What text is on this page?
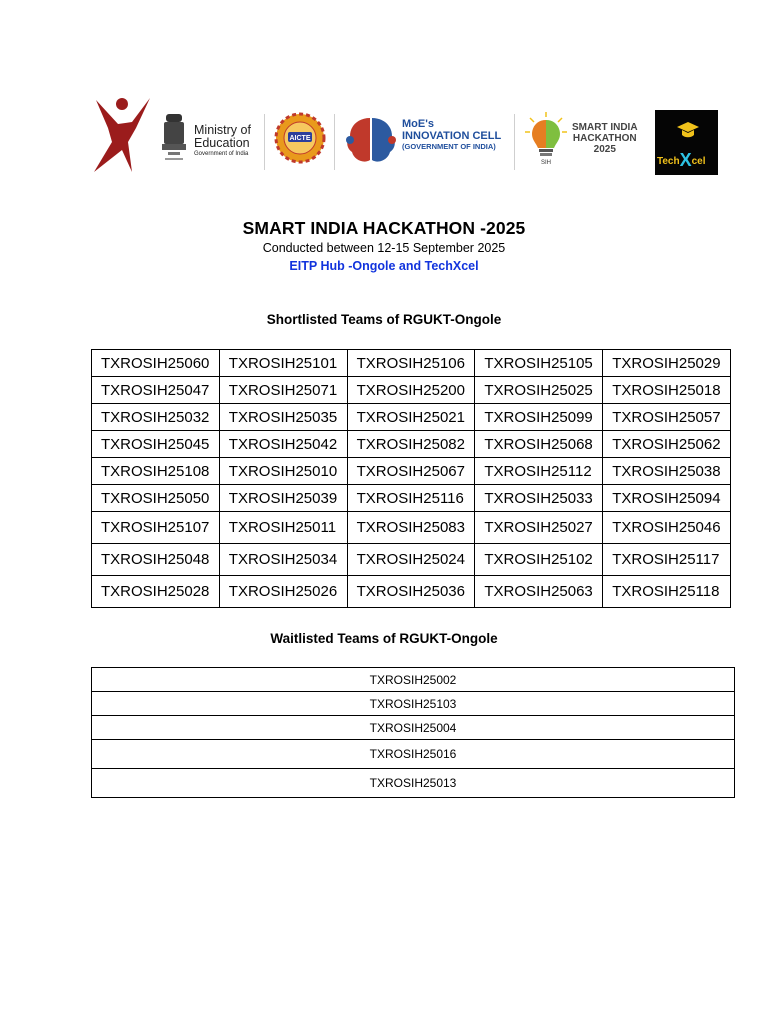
Ministry of
Education
Government of India
AICTE
MoE's
INNOVATION CELL
(GOVERNMENT OF INDIA)
SIH
SMART INDIA
HACKATHON
2025
TechXcel
SMART INDIA HACKATHON -2025
Conducted between 12-15 September 2025
EITP Hub -Ongole and TechXcel
Shortlisted Teams of RGUKT-Ongole
TXROSIH25060	TXROSIH25101	TXROSIH25106	TXROSIH25105	TXROSIH25029
TXROSIH25047	TXROSIH25071	TXROSIH25200	TXROSIH25025	TXROSIH25018
TXROSIH25032	TXROSIH25035	TXROSIH25021	TXROSIH25099	TXROSIH25057
TXROSIH25045	TXROSIH25042	TXROSIH25082	TXROSIH25068	TXROSIH25062
TXROSIH25108	TXROSIH25010	TXROSIH25067	TXROSIH25112	TXROSIH25038
TXROSIH25050	TXROSIH25039	TXROSIH25116	TXROSIH25033	TXROSIH25094
TXROSIH25107	TXROSIH25011	TXROSIH25083	TXROSIH25027	TXROSIH25046
TXROSIH25048	TXROSIH25034	TXROSIH25024	TXROSIH25102	TXROSIH25117
TXROSIH25028	TXROSIH25026	TXROSIH25036	TXROSIH25063	TXROSIH25118
Waitlisted Teams of RGUKT-Ongole
TXROSIH25002
TXROSIH25103
TXROSIH25004
TXROSIH25016
TXROSIH25013
